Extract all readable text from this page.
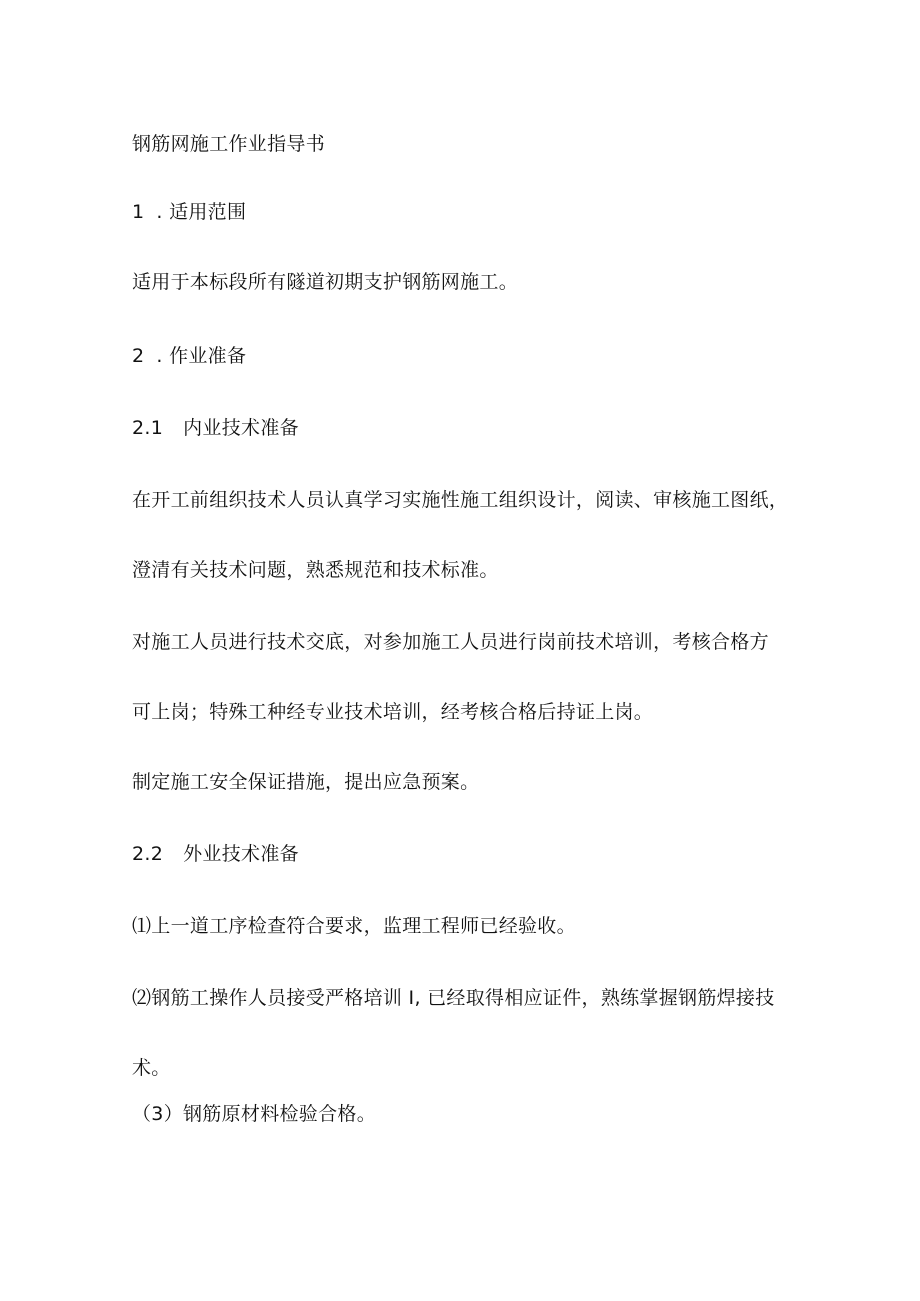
钢筋网施工作业指导书
1 . 适用范围
适用于本标段所有隧道初期支护钢筋网施工。
2 . 作业准备
2.1 内业技术准备
在开工前组织技术人员认真学习实施性施工组织设计，阅读、审核施工图纸，
澄清有关技术问题，熟悉规范和技术标准。
对施工人员进行技术交底，对参加施工人员进行岗前技术培训，考核合格方
可上岗；特殊工种经专业技术培训，经考核合格后持证上岗。
制定施工安全保证措施，提出应急预案。
2.2 外业技术准备
⑴上一道工序检查符合要求，监理工程师已经验收。
⑵钢筋工操作人员接受严格培训 I, 已经取得相应证件，熟练掌握钢筋焊接技
术。
（3）钢筋原材料检验合格。
